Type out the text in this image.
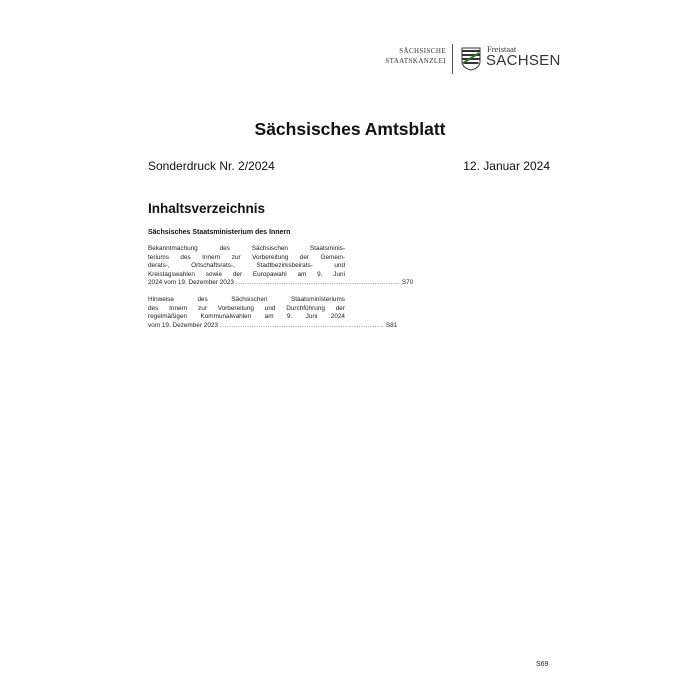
SÄCHSISCHE
STAATSKANZLEI
Freistaat
SACHSEN
Sächsisches Amtsblatt
Sonderdruck Nr. 2/2024	12. Januar 2024
Inhaltsverzeichnis
Sächsisches Staatsministerium des Innern
Bekanntmachung des Sächsischen Staatsminis-
teriums des Innern zur Vorbereitung der Gemein-
derats-, Ortschaftsrats-, Stadtbezirksbeirats- und
Kreistagswahlen sowie der Europawahl am 9. Juni
2024 vom 19. Dezember 2023 ........................................................................ S70
Hinweise des Sächsischen Staatsministeriums
des Innern zur Vorbereitung und Durchführung der
regelmäßigen Kommunalwahlen am 9. Juni 2024
vom 19. Dezember 2023 ........................................................................ S81
S69
